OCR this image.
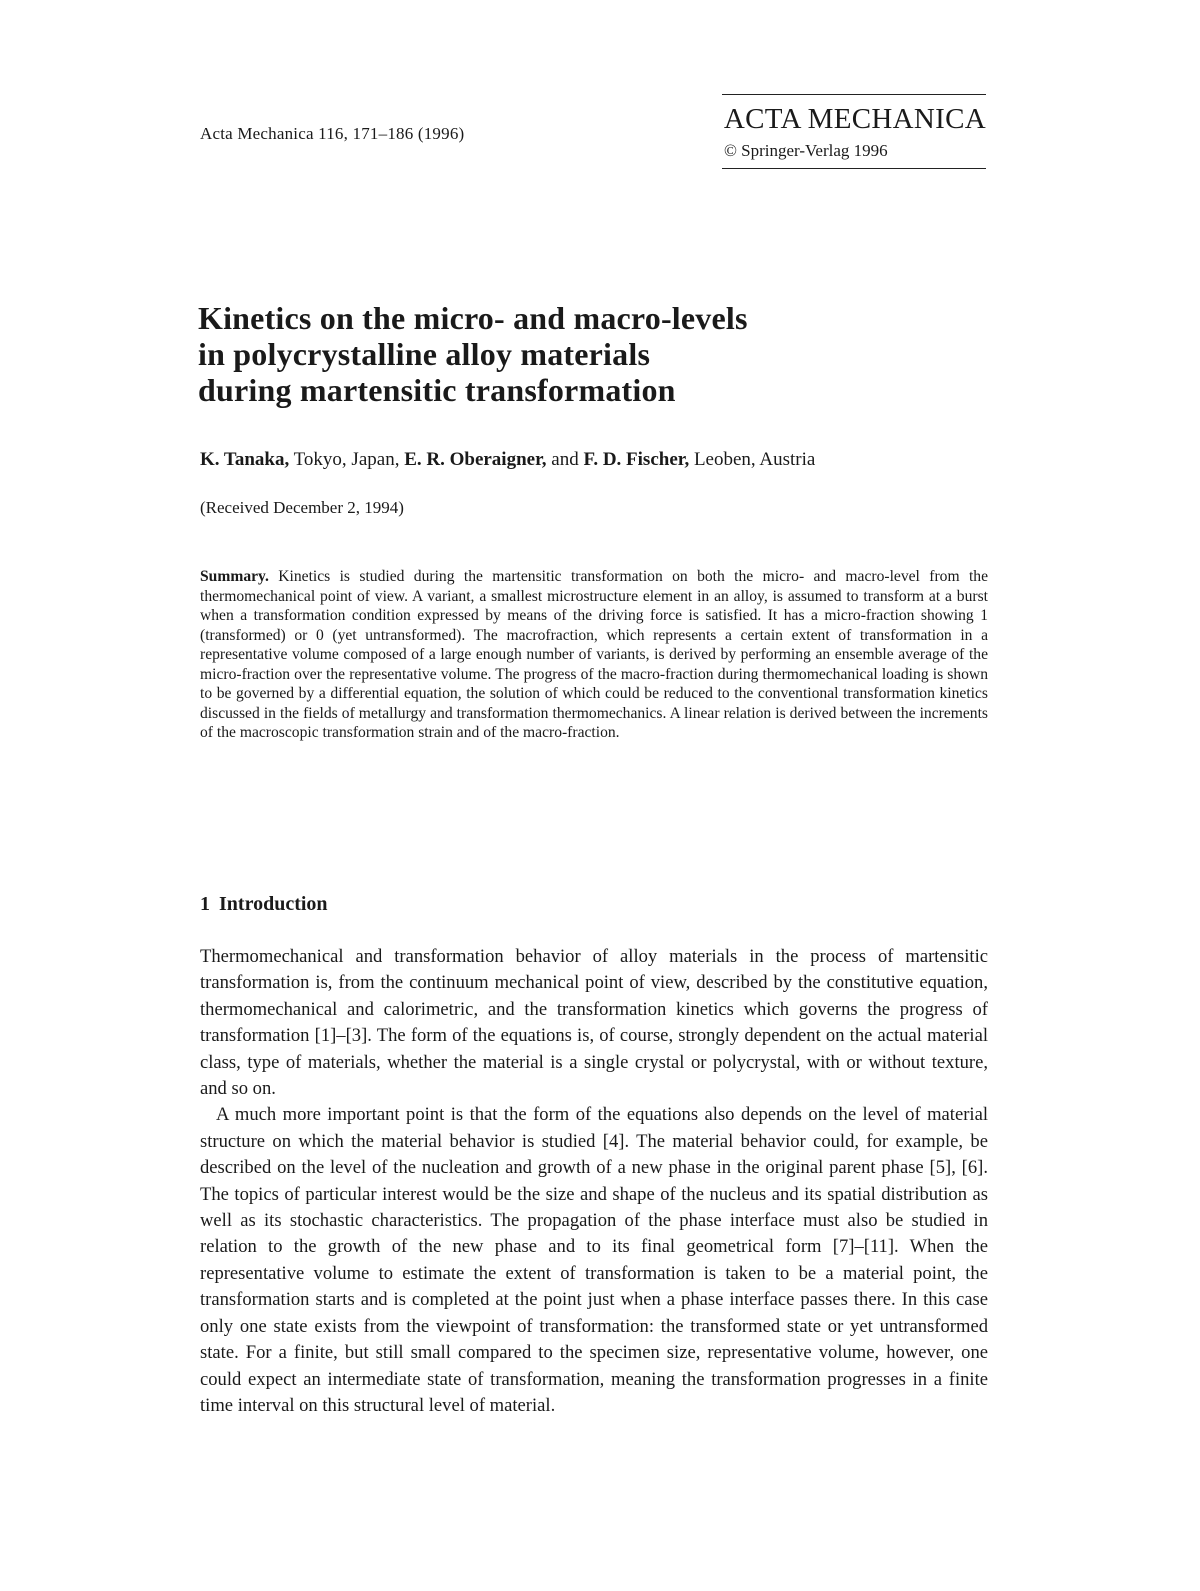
Acta Mechanica 116, 171–186 (1996)	ACTA MECHANICA
© Springer-Verlag 1996
Kinetics on the micro- and macro-levels
in polycrystalline alloy materials
during martensitic transformation
K. Tanaka, Tokyo, Japan, E. R. Oberaigner, and F. D. Fischer, Leoben, Austria
(Received December 2, 1994)

Summary. Kinetics is studied during the martensitic transformation on both the micro- and macro-level from the thermomechanical point of view. A variant, a smallest microstructure element in an alloy, is assumed to transform at a burst when a transformation condition expressed by means of the driving force is satisfied. It has a micro-fraction showing 1 (transformed) or 0 (yet untransformed). The macrofraction, which represents a certain extent of transformation in a representative volume composed of a large enough number of variants, is derived by performing an ensemble average of the micro-fraction over the representative volume. The progress of the macro-fraction during thermomechanical loading is shown to be governed by a differential equation, the solution of which could be reduced to the conventional transformation kinetics discussed in the fields of metallurgy and transformation thermomechanics. A linear relation is derived between the increments of the macroscopic transformation strain and of the macro-fraction.

1 Introduction

Thermomechanical and transformation behavior of alloy materials in the process of martensitic transformation is, from the continuum mechanical point of view, described by the constitutive equation, thermomechanical and calorimetric, and the transformation kinetics which governs the progress of transformation [1]–[3]. The form of the equations is, of course, strongly dependent on the actual material class, type of materials, whether the material is a single crystal or polycrystal, with or without texture, and so on.

A much more important point is that the form of the equations also depends on the level of material structure on which the material behavior is studied [4]. The material behavior could, for example, be described on the level of the nucleation and growth of a new phase in the original parent phase [5], [6]. The topics of particular interest would be the size and shape of the nucleus and its spatial distribution as well as its stochastic characteristics. The propagation of the phase interface must also be studied in relation to the growth of the new phase and to its final geometrical form [7]–[11]. When the representative volume to estimate the extent of transformation is taken to be a material point, the transformation starts and is completed at the point just when a phase interface passes there. In this case only one state exists from the viewpoint of transformation: the transformed state or yet untransformed state. For a finite, but still small compared to the specimen size, representative volume, however, one could expect an intermediate state of transformation, meaning the transformation progresses in a finite time interval on this structural level of material.
